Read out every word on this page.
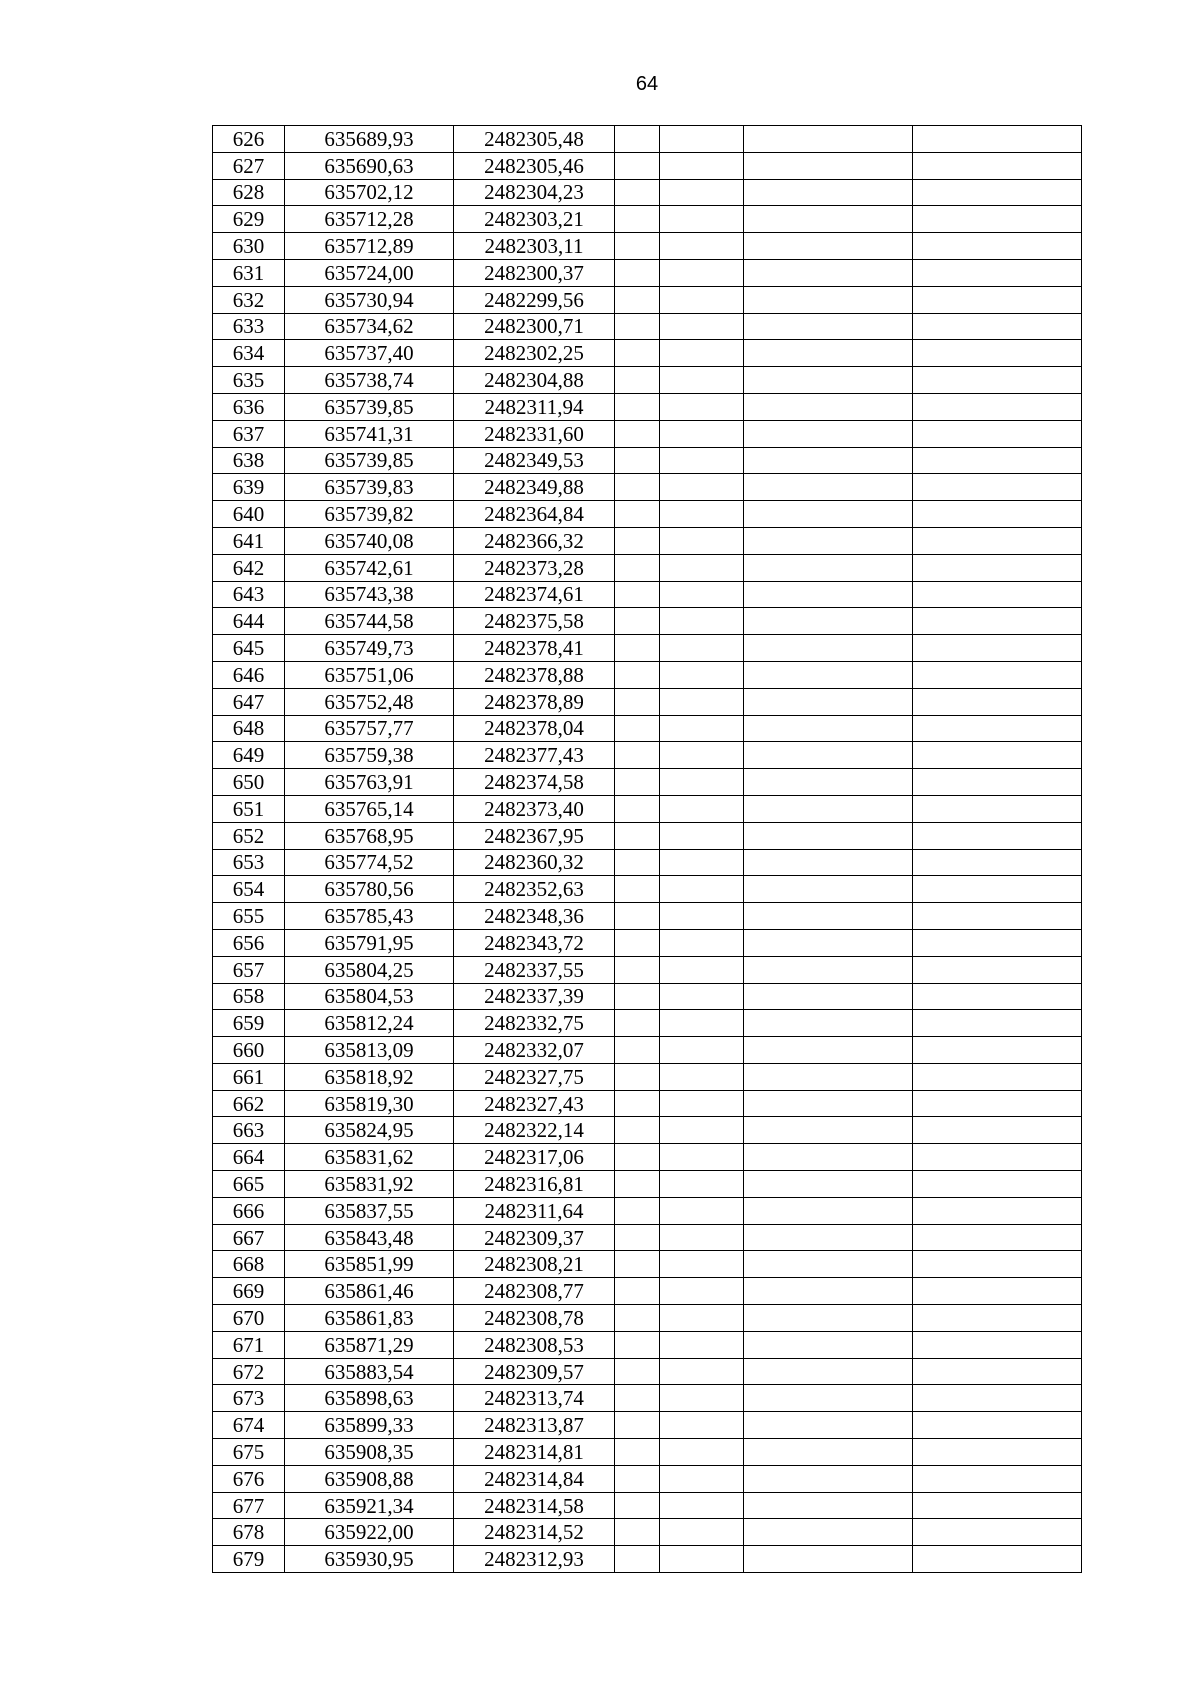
64
626	635689,93	2482305,48				
627	635690,63	2482305,46				
628	635702,12	2482304,23				
629	635712,28	2482303,21				
630	635712,89	2482303,11				
631	635724,00	2482300,37				
632	635730,94	2482299,56				
633	635734,62	2482300,71				
634	635737,40	2482302,25				
635	635738,74	2482304,88				
636	635739,85	2482311,94				
637	635741,31	2482331,60				
638	635739,85	2482349,53				
639	635739,83	2482349,88				
640	635739,82	2482364,84				
641	635740,08	2482366,32				
642	635742,61	2482373,28				
643	635743,38	2482374,61				
644	635744,58	2482375,58				
645	635749,73	2482378,41				
646	635751,06	2482378,88				
647	635752,48	2482378,89				
648	635757,77	2482378,04				
649	635759,38	2482377,43				
650	635763,91	2482374,58				
651	635765,14	2482373,40				
652	635768,95	2482367,95				
653	635774,52	2482360,32				
654	635780,56	2482352,63				
655	635785,43	2482348,36				
656	635791,95	2482343,72				
657	635804,25	2482337,55				
658	635804,53	2482337,39				
659	635812,24	2482332,75				
660	635813,09	2482332,07				
661	635818,92	2482327,75				
662	635819,30	2482327,43				
663	635824,95	2482322,14				
664	635831,62	2482317,06				
665	635831,92	2482316,81				
666	635837,55	2482311,64				
667	635843,48	2482309,37				
668	635851,99	2482308,21				
669	635861,46	2482308,77				
670	635861,83	2482308,78				
671	635871,29	2482308,53				
672	635883,54	2482309,57				
673	635898,63	2482313,74				
674	635899,33	2482313,87				
675	635908,35	2482314,81				
676	635908,88	2482314,84				
677	635921,34	2482314,58				
678	635922,00	2482314,52				
679	635930,95	2482312,93				
